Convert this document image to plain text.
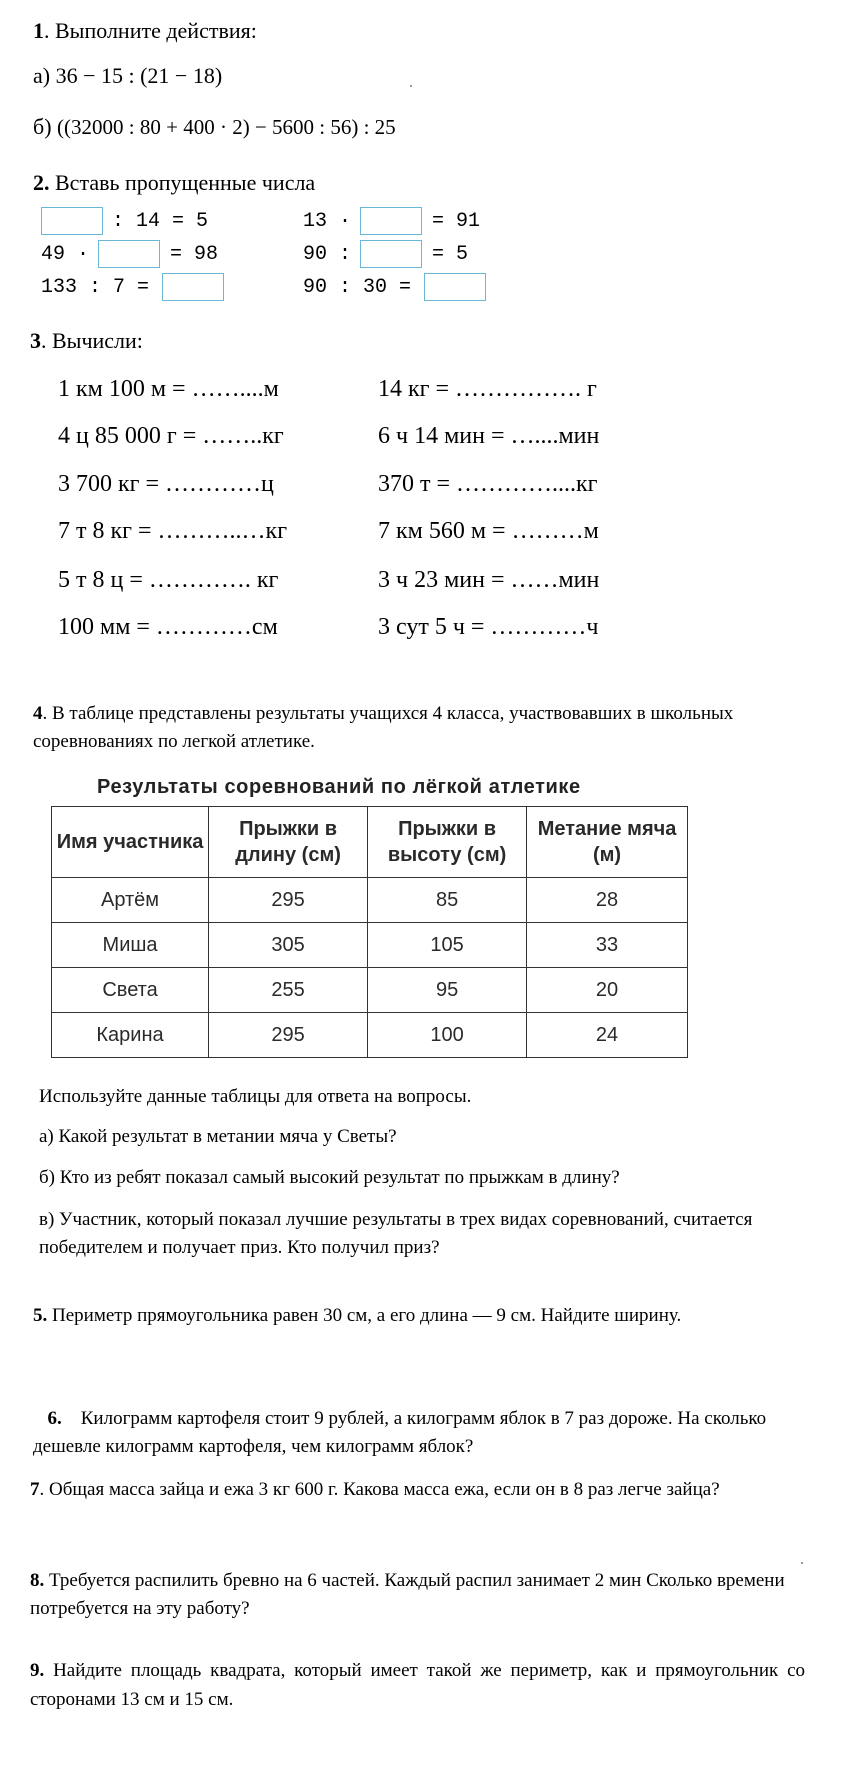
1. Выполните действия:
а) 36 − 15 : (21 − 18)
б) ((32000 : 80 + 400 · 2) − 5600 : 56) : 25
2. Вставь пропущенные числа
: 14 = 5	13 ·	= 91
49 ·	= 98	90 :	= 5
133 : 7 =	90 : 30 =
3. Вычисли:
1 км 100 м = ……....м
4 ц 85 000 г = ……..кг
3 700 кг = …………ц
7 т 8 кг = ………..…кг
5 т 8 ц = …………. кг
100 мм = …………см
14 кг = ……………. г
6 ч 14 мин = …....мин
370 т = …………....кг
7 км 560 м = ………м
3 ч 23 мин = ……мин
3 сут 5 ч = …………ч
4. В таблице представлены результаты учащихся 4 класса, участвовавших в школьных соревнованиях по легкой атлетике.
Результаты соревнований по лёгкой атлетике
Имя участника	Прыжки в длину (см)	Прыжки в высоту (см)	Метание мяча (м)
Артём	295	85	28
Миша	305	105	33
Света	255	95	20
Карина	295	100	24
Используйте данные таблицы для ответа на вопросы.
а) Какой результат в метании мяча у Светы?
б) Кто из ребят показал самый высокий результат по прыжкам в длину?
в) Участник, который показал лучшие результаты в трех видах соревнований, считается победителем и получает приз. Кто получил приз?
5. Периметр прямоугольника равен 30 см, а его длина — 9 см. Найдите ширину.

6.    Килограмм картофеля стоит 9 рублей, а килограмм яблок в 7 раз дороже. На сколько дешевле килограмм картофеля, чем килограмм яблок?

7. Общая масса зайца и ежа 3 кг 600 г. Какова масса ежа, если он в 8 раз легче зайца?
8. Требуется распилить бревно на 6 частей. Каждый распил занимает 2 мин Сколько времени потребуется на эту работу?
9. Найдите площадь квадрата, который имеет такой же периметр, как и прямоугольник со сторонами 13 см и 15 см.
